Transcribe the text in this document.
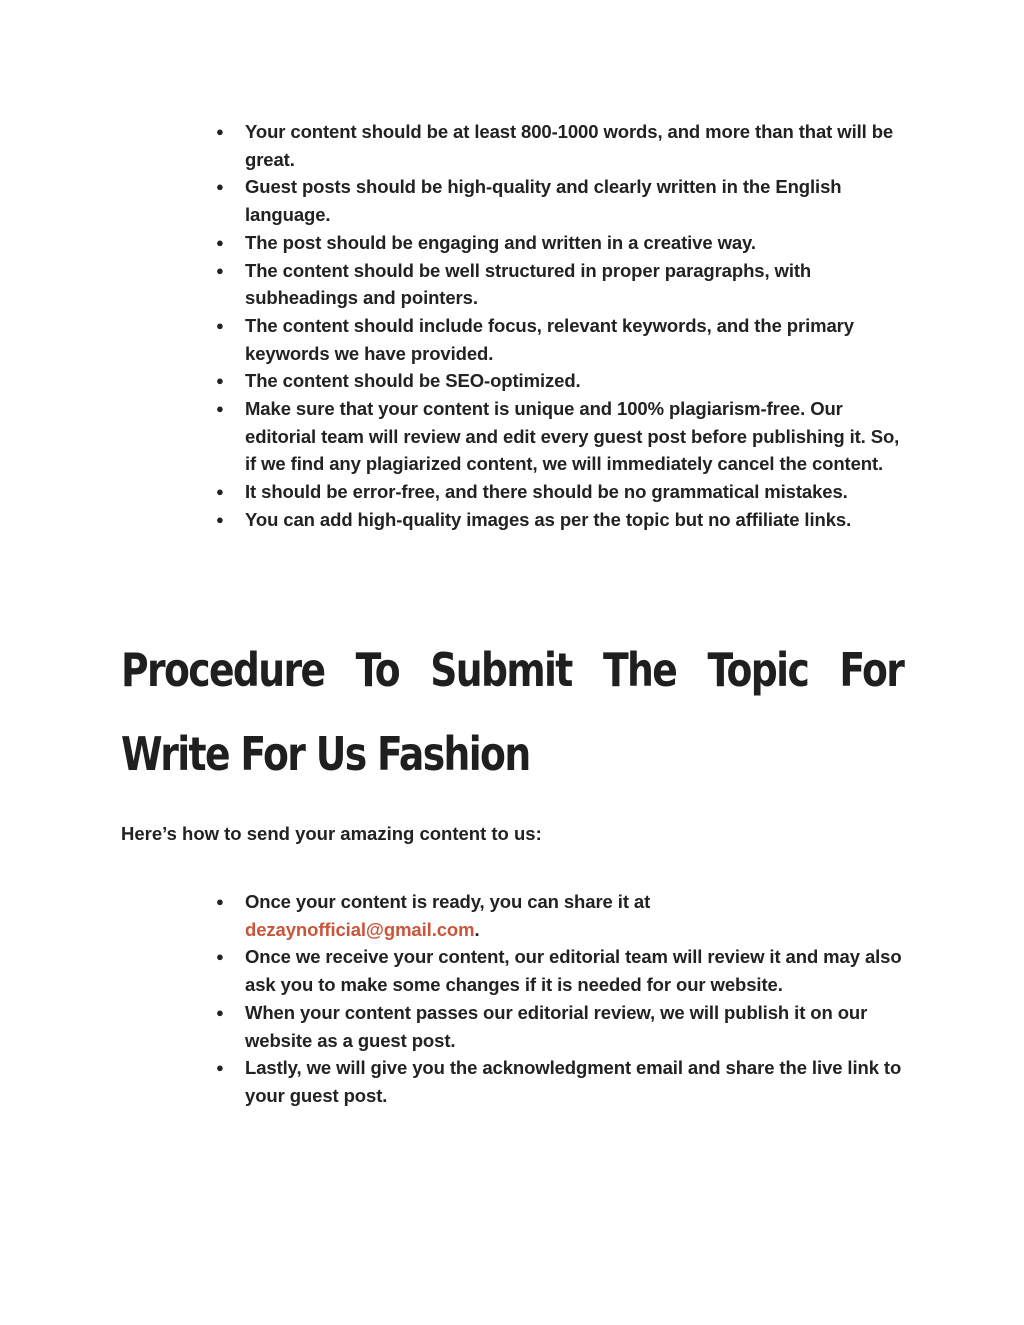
● Your content should be at least 800-1000 words, and more than that will be great.
● Guest posts should be high-quality and clearly written in the English language.
● The post should be engaging and written in a creative way.
● The content should be well structured in proper paragraphs, with subheadings and pointers.
● The content should include focus, relevant keywords, and the primary keywords we have provided.
● The content should be SEO-optimized.
● Make sure that your content is unique and 100% plagiarism-free. Our editorial team will review and edit every guest post before publishing it. So, if we find any plagiarized content, we will immediately cancel the content.
● It should be error-free, and there should be no grammatical mistakes.
● You can add high-quality images as per the topic but no affiliate links.
Procedure To Submit The Topic For
Write For Us Fashion

Here’s how to send your amazing content to us:

● Once your content is ready, you can share it at
dezaynofficial@gmail.com.
● Once we receive your content, our editorial team will review it and may also ask you to make some changes if it is needed for our website.
● When your content passes our editorial review, we will publish it on our website as a guest post.
● Lastly, we will give you the acknowledgment email and share the live link to your guest post.
